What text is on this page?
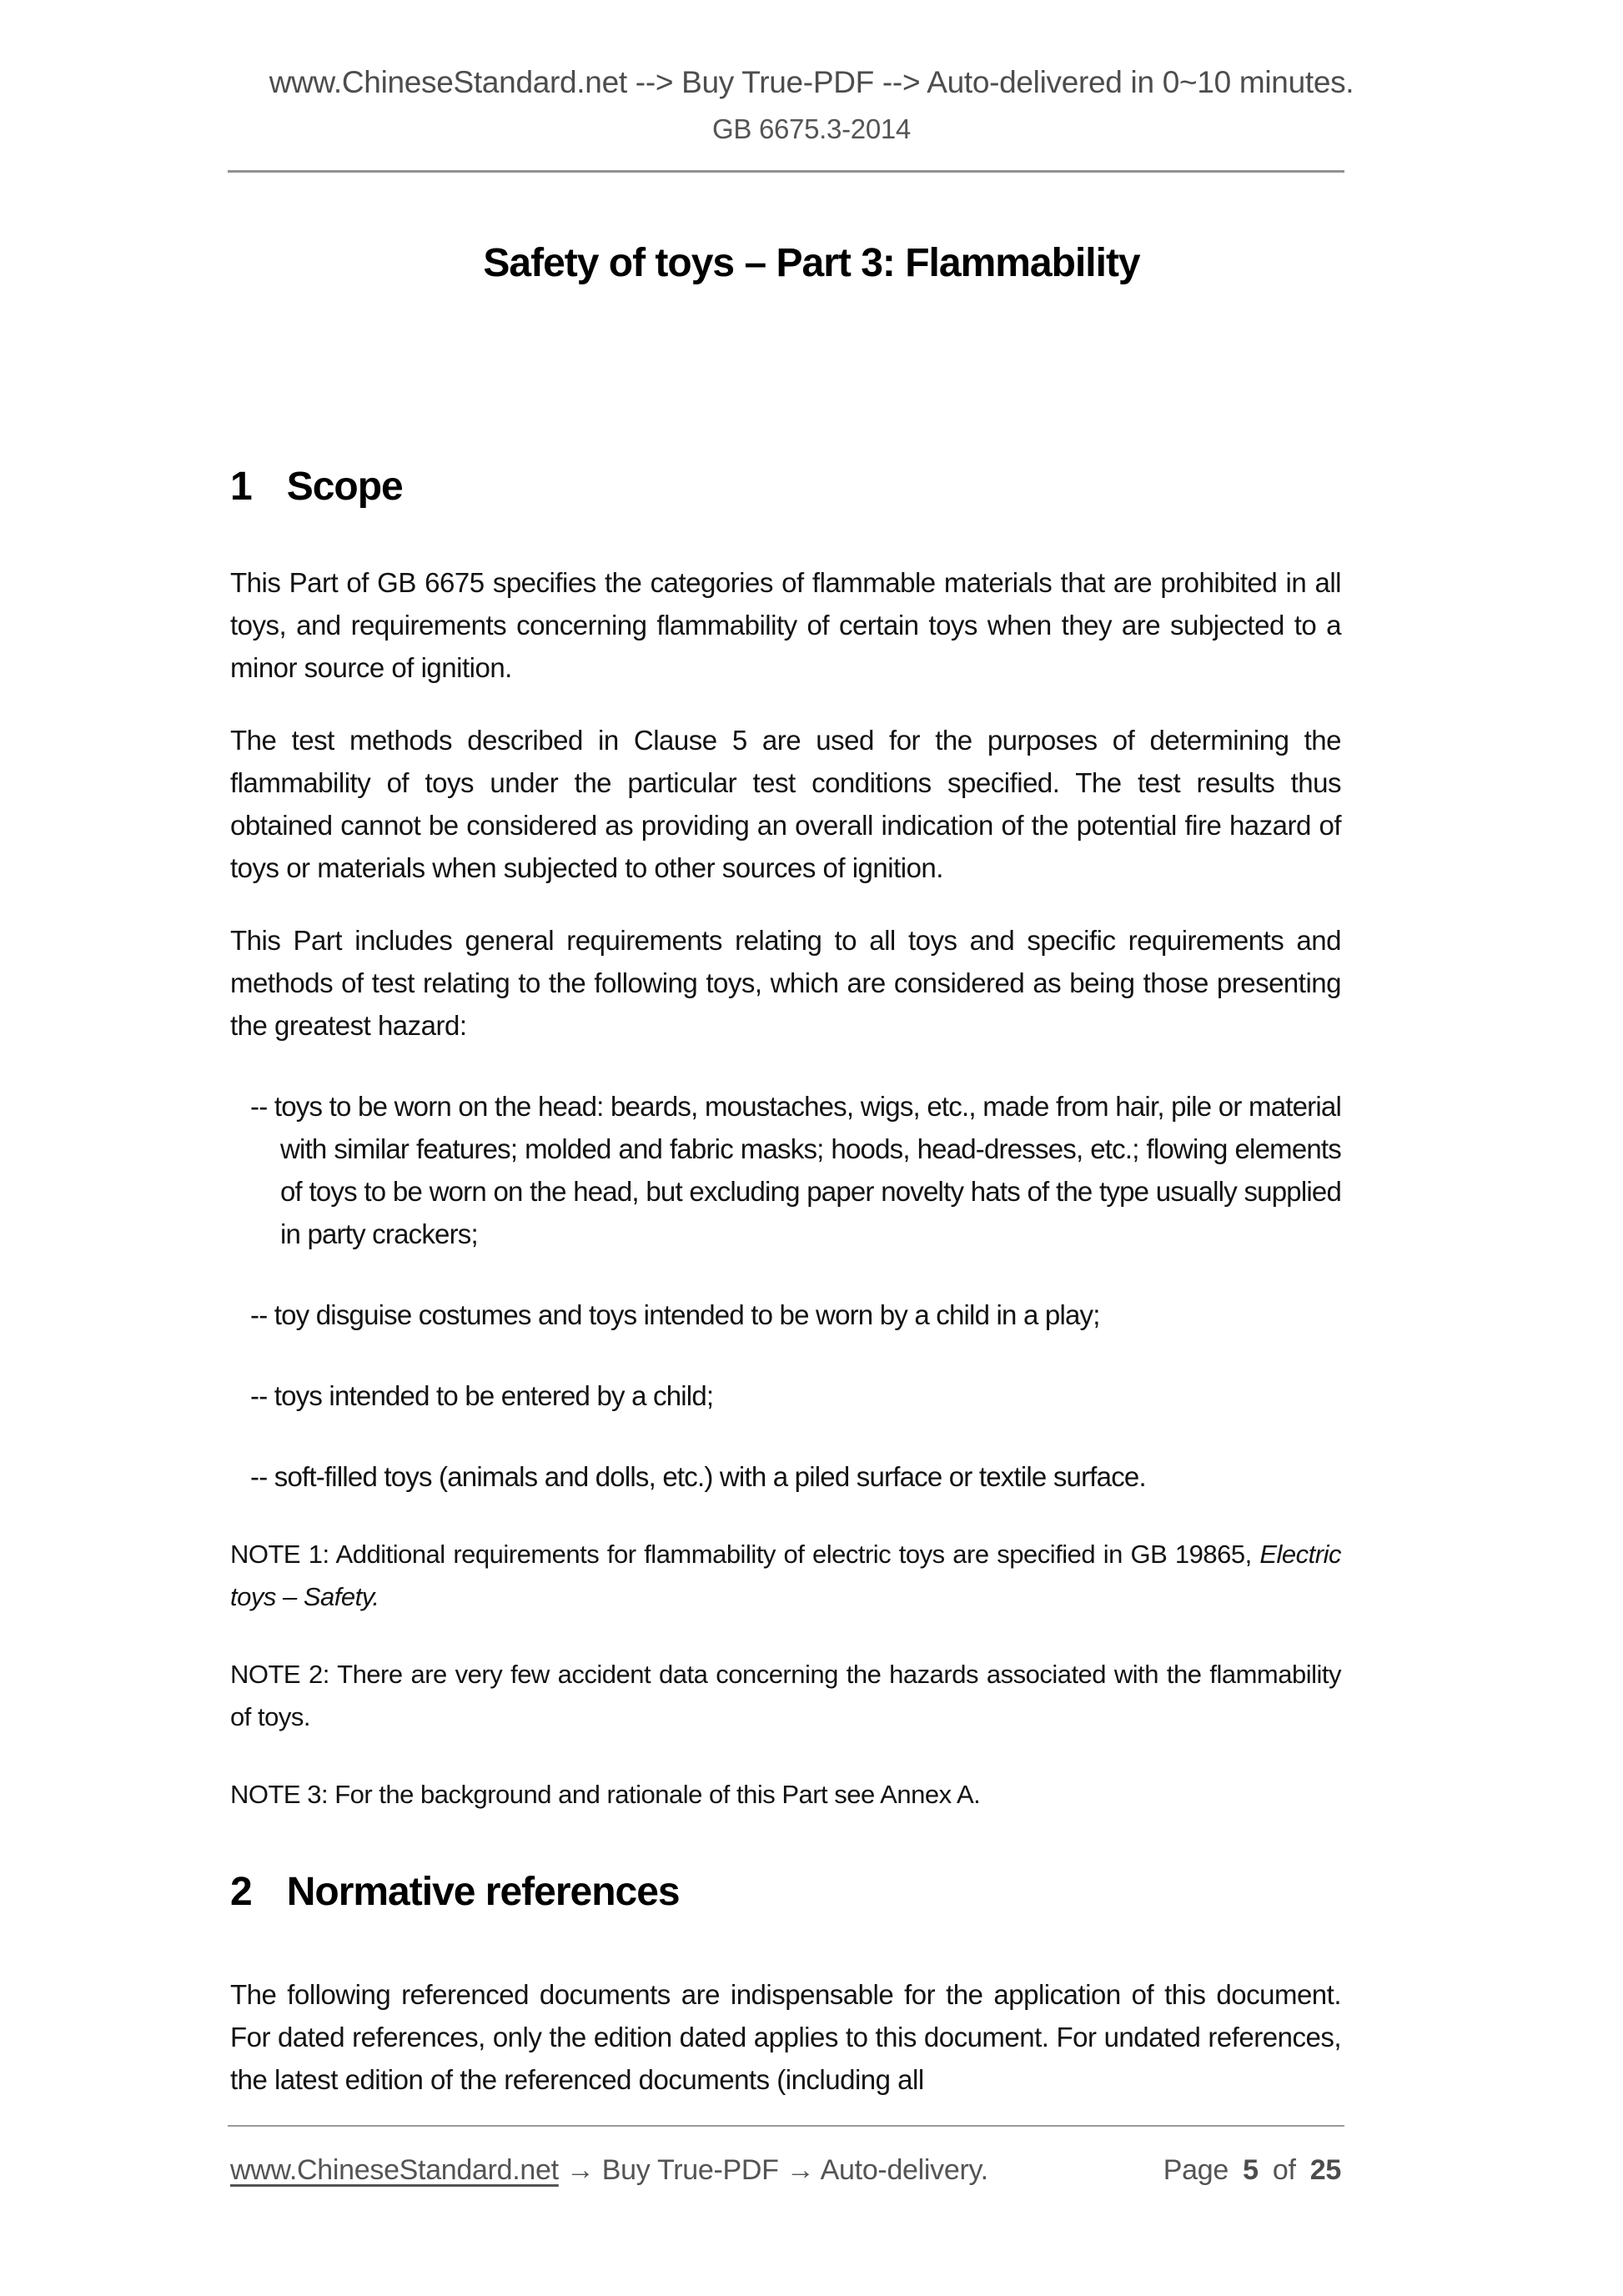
www.ChineseStandard.net --> Buy True-PDF --> Auto-delivered in 0~10 minutes.
GB 6675.3-2014
Safety of toys – Part 3: Flammability
1 Scope

This Part of GB 6675 specifies the categories of flammable materials that are prohibited in all toys, and requirements concerning flammability of certain toys when they are subjected to a minor source of ignition.

The test methods described in Clause 5 are used for the purposes of determining the flammability of toys under the particular test conditions specified. The test results thus obtained cannot be considered as providing an overall indication of the potential fire hazard of toys or materials when subjected to other sources of ignition.

This Part includes general requirements relating to all toys and specific requirements and methods of test relating to the following toys, which are considered as being those presenting the greatest hazard:

-- toys to be worn on the head: beards, moustaches, wigs, etc., made from hair, pile or material with similar features; molded and fabric masks; hoods, head-dresses, etc.; flowing elements of toys to be worn on the head, but excluding paper novelty hats of the type usually supplied in party crackers;
-- toy disguise costumes and toys intended to be worn by a child in a play;
-- toys intended to be entered by a child;
-- soft-filled toys (animals and dolls, etc.) with a piled surface or textile surface.

NOTE 1: Additional requirements for flammability of electric toys are specified in GB 19865, Electric toys – Safety.

NOTE 2: There are very few accident data concerning the hazards associated with the flammability of toys.

NOTE 3: For the background and rationale of this Part see Annex A.

2 Normative references

The following referenced documents are indispensable for the application of this document. For dated references, only the edition dated applies to this document. For undated references, the latest edition of the referenced documents (including all

www.ChineseStandard.net → Buy True-PDF → Auto-delivery.	Page 5 of 25
